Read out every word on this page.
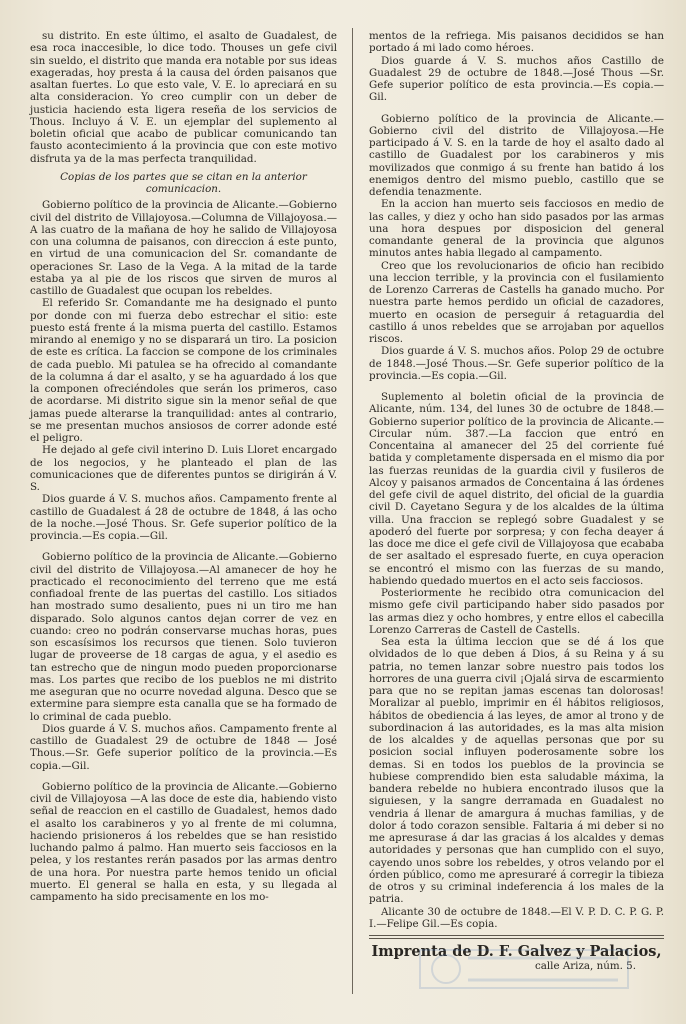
su distrito. En este último, el asalto de Guadalest, de esa roca inaccesible, lo dice todo. Thouses un gefe civil sin sueldo, el distrito que manda era notable por sus ideas exageradas, hoy presta á la causa del órden paisanos que asaltan fuertes. Lo que esto vale, V. E. lo apreciará en su alta consideracion. Yo creo cumplir con un deber de justicia haciendo esta ligera reseña de los servicios de Thous. Incluyo á V. E. un ejemplar del suplemento al boletin oficial que acabo de publicar comunicando tan fausto acontecimiento á la provincia que con este motivo disfruta ya de la mas perfecta tranquilidad.

Copias de los partes que se citan en la anterior comunicacion.

Gobierno político de la provincia de Alicante.—Gobierno civil del distrito de Villajoyosa.—Columna de Villajoyosa.—A las cuatro de la mañana de hoy he salido de Villajoyosa con una columna de paisanos, con direccion á este punto, en virtud de una comunicacion del Sr. comandante de operaciones Sr. Laso de la Vega. A la mitad de la tarde estaba ya al pie de los riscos que sirven de muros al castillo de Guadalest que ocupan los rebeldes.

El referido Sr. Comandante me ha designado el punto por donde con mi fuerza debo estrechar el sitio: este puesto está frente á la misma puerta del castillo. Estamos mirando al enemigo y no se disparará un tiro. La posicion de este es crítica. La faccion se compone de los criminales de cada pueblo. Mi patulea se ha ofrecido al comandante de la columna á dar el asalto, y se ha aguardado á los que la componen ofreciéndoles que serán los primeros, caso de acordarse. Mi distrito sigue sin la menor señal de que jamas puede alterarse la tranquilidad: antes al contrario, se me presentan muchos ansiosos de correr adonde esté el peligro.

He dejado al gefe civil interino D. Luis Lloret encargado de los negocios, y he planteado el plan de las comunicaciones que de diferentes puntos se dirigirán á V. S.

Dios guarde á V. S. muchos años. Campamento frente al castillo de Guadalest á 28 de octubre de 1848, á las ocho de la noche.—José Thous. Sr. Gefe superior político de la provincia.—Es copia.—Gil.

Gobierno político de la provincia de Alicante.—Gobierno civil del distrito de Villajoyosa.—Al amanecer de hoy he practicado el reconocimiento del terreno que me está confiadoal frente de las puertas del castillo. Los sitiados han mostrado sumo desaliento, pues ni un tiro me han disparado. Solo algunos cantos dejan correr de vez en cuando: creo no podrán conservarse muchas horas, pues son escasísimos los recursos que tienen. Solo tuvieron lugar de proveerse de 18 cargas de agua, y el asedio es tan estrecho que de ningun modo pueden proporcionarse mas. Los partes que recibo de los pueblos ne mi distrito me aseguran que no ocurre novedad alguna. Desco que se extermine para siempre esta canalla que se ha formado de lo criminal de cada pueblo.

Dios guarde á V. S. muchos años. Campamento frente al castillo de Guadalest 29 de octubre de 1848 — José Thous.—Sr. Gefe superior político de la provincia.—Es copia.—Gil.

Gobierno político de la provincia de Alicante.—Gobierno civil de Villajoyosa —A las doce de este dia, habiendo visto señal de reaccion en el castillo de Guadalest, hemos dado el asalto los carabineros y yo al frente de mi columna, haciendo prisioneros á los rebeldes que se han resistido luchando palmo á palmo. Han muerto seis facciosos en la pelea, y los restantes rerán pasados por las armas dentro de una hora. Por nuestra parte hemos tenido un oficial muerto. El general se halla en esta, y su llegada al campamento ha sido precisamente en los mo-

mentos de la refriega. Mis paisanos decididos se han portado á mi lado como héroes.

Dios guarde á V. S. muchos años Castillo de Guadalest 29 de octubre de 1848.—José Thous —Sr. Gefe superior político de esta provincia.—Es copia.—Gil.

Gobierno político de la provincia de Alicante.—Gobierno civil del distrito de Villajoyosa.—He participado á V. S. en la tarde de hoy el asalto dado al castillo de Guadalest por los carabineros y mis movilizados que conmigo á su frente han batido á los enemigos dentro del mismo pueblo, castillo que se defendia tenazmente.

En la accion han muerto seis facciosos en medio de las calles, y diez y ocho han sido pasados por las armas una hora despues por disposicion del general comandante general de la provincia que algunos minutos antes habia llegado al campamento.

Creo que los revolucionarios de oficio han recibido una leccion terrible, y la provincia con el fusilamiento de Lorenzo Carreras de Castells ha ganado mucho. Por nuestra parte hemos perdido un oficial de cazadores, muerto en ocasion de perseguir á retaguardia del castillo á unos rebeldes que se arrojaban por aquellos riscos.

Dios guarde á V. S. muchos años. Polop 29 de octubre de 1848.—José Thous.—Sr. Gefe superior político de la provincia.—Es copia.—Gil.

Suplemento al boletin oficial de la provincia de Alicante, núm. 134, del lunes 30 de octubre de 1848.—Gobierno superior político de la provincia de Alicante.—Circular núm. 387.—La faccion que entró en Concentaina al amanecer del 25 del corriente fué batida y completamente dispersada en el mismo dia por las fuerzas reunidas de la guardia civil y fusileros de Alcoy y paisanos armados de Concentaina á las órdenes del gefe civil de aquel distrito, del oficial de la guardia civil D. Cayetano Segura y de los alcaldes de la última villa. Una fraccion se replegó sobre Guadalest y se apoderó del fuerte por sorpresa; y con fecha deayer á las doce me dice el gefe civil de Villajoyosa que ecababa de ser asaltado el espresado fuerte, en cuya operacion se encontró el mismo con las fuerzas de su mando, habiendo quedado muertos en el acto seis facciosos.

Posteriormente he recibido otra comunicacion del mismo gefe civil participando haber sido pasados por las armas diez y ocho hombres, y entre ellos el cabecilla Lorenzo Carreras de Castell de Castells.

Sea esta la última leccion que se dé á los que olvidados de lo que deben á Dios, á su Reina y á su patria, no temen lanzar sobre nuestro pais todos los horrores de una guerra civil ¡Ojalá sirva de escarmiento para que no se repitan jamas escenas tan dolorosas! Moralizar al pueblo, imprimir en él hábitos religiosos, hábitos de obediencia á las leyes, de amor al trono y de subordinacion á las autoridades, es la mas alta mision de los alcaldes y de aquellas personas que por su posicion social influyen poderosamente sobre los demas. Si en todos los pueblos de la provincia se hubiese comprendido bien esta saludable máxima, la bandera rebelde no hubiera encontrado ilusos que la siguiesen, y la sangre derramada en Guadalest no vendria á llenar de amargura á muchas familias, y de dolor á todo corazon sensible. Faltaria á mi deber si no me apresurase á dar las gracias á los alcaldes y demas autoridades y personas que han cumplido con el suyo, cayendo unos sobre los rebeldes, y otros velando por el órden público, como me apresuraré á corregir la tibieza de otros y su criminal indeferencia á los males de la patria.

Alicante 30 de octubre de 1848.—El V. P. D. C. P. G. P. I.—Felipe Gil.—Es copia.

Imprenta de D. F. Galvez y Palacios,
calle Ariza, núm. 5.
